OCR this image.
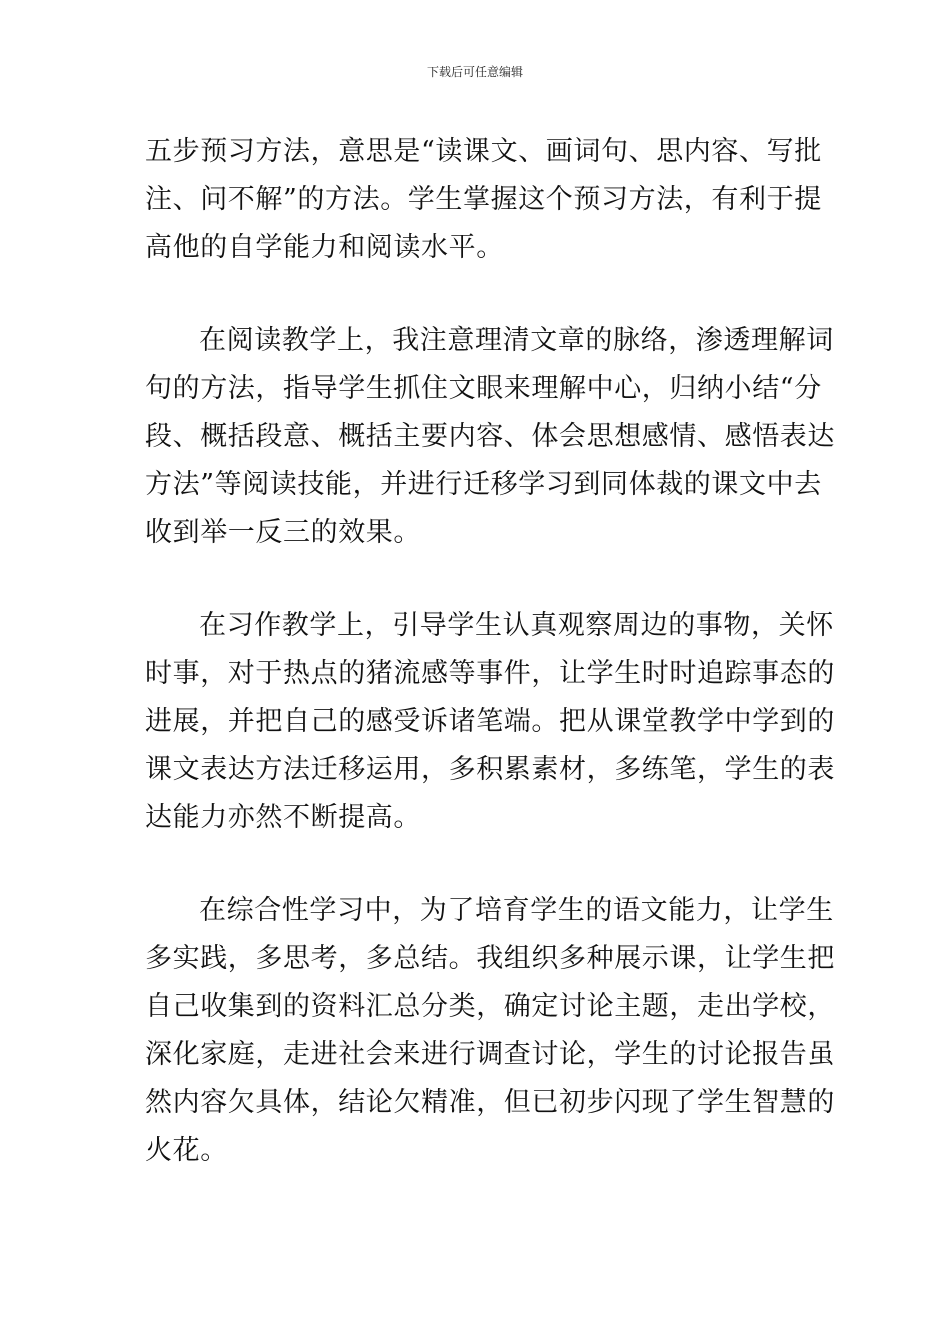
下载后可任意编辑
五步预习方法，意思是“读课文、画词句、思内容、写批
注、问不解”的方法。学生掌握这个预习方法，有利于提
高他的自学能力和阅读水平。
在阅读教学上，我注意理清文章的脉络，渗透理解词
句的方法，指导学生抓住文眼来理解中心，归纳小结“分
段、概括段意、概括主要内容、体会思想感情、感悟表达
方法”等阅读技能，并进行迁移学习到同体裁的课文中去
收到举一反三的效果。
在习作教学上，引导学生认真观察周边的事物，关怀
时事，对于热点的猪流感等事件，让学生时时追踪事态的
进展，并把自己的感受诉诸笔端。把从课堂教学中学到的
课文表达方法迁移运用，多积累素材，多练笔，学生的表
达能力亦然不断提高。
在综合性学习中，为了培育学生的语文能力，让学生
多实践，多思考，多总结。我组织多种展示课，让学生把
自己收集到的资料汇总分类，确定讨论主题，走出学校，
深化家庭，走进社会来进行调查讨论，学生的讨论报告虽
然内容欠具体，结论欠精准，但已初步闪现了学生智慧的
火花。
